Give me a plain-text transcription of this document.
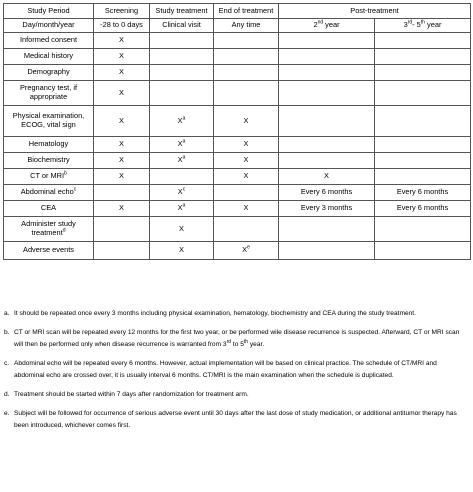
Study Period	Screening	Study treatment	End of treatment	Post-treatment	
Day/month/year	-28 to 0 days	Clinical visit	Any time	2nd year	3rd- 5th year
Informed consent	X				
Medical history	X				
Demography	X				
Pregnancy test, if appropriate	X				
Physical examination, ECOG, vital sign	X	$X^a$	X		
Hematology	X	$X^a$	X		
Biochemistry	X	$X^a$	X		
CT or MRI$^b$	X		X	X	
Abdominal echo$^c$		$X^c$		Every 6 months	Every 6 months
CEA	X	$X^a$	X	Every 3 months	Every 6 months
Administer study treatment$^d$		X			
Adverse events		X	Xe		
a. It should be repeated once every 3 months including physical examination, hematology, biochemistry and CEA during the study treatment.
b. CT or MRI scan will be repeated every 12 months for the first two year, or be performed wile disease recurrence is suspected. Afterward, CT or MRI scan will then be performed only when disease recurrence is warranted from 3rd to 5th year.
c. Abdominal echo will be repeated every 6 months. However, actual implementation will be based on clinical practice. The schedule of CT/MRI and abdominal echo are crossed over, it is usually interval 6 months. CT/MRI is the main examination when the schedule is duplicated.
d. Treatment should be started within 7 days after randomization for treatment arm.
e. Subject will be followed for occurrence of serious adverse event until 30 days after the last dose of study medication, or additional antitumor therapy has been introduced, whichever comes first.
